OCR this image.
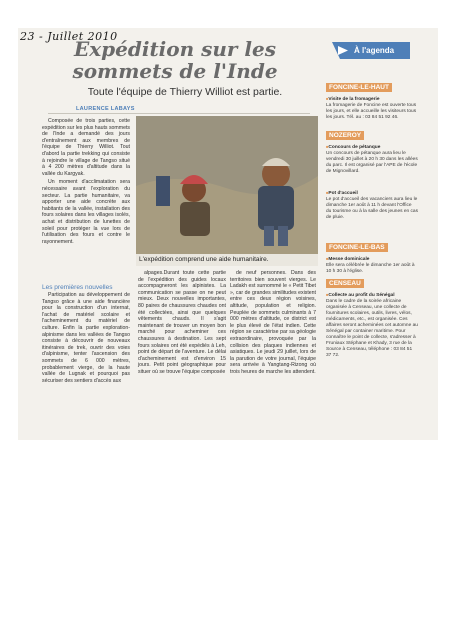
23 - Juillet 2010
Expédition sur les sommets de l'Inde
Toute l'équipe de Thierry Williot est partie.
LAURENCE LABAYS

Composée de trois parties, cette expédition sur les plus hauts sommets de l'Inde a demandé des jours d'entraînement aux membres de l'équipe de Thierry Williot. Tout d'abord la partie trekking qui consiste à rejoindre le village de Tangso situé à 4 200 mètres d'altitude dans la vallée du Kargyak.

Un moment d'acclimatation sera nécessaire avant l'exploration du secteur. La partie humanitaire, va apporter une aide concrète aux habitants de la vallée, installation des fours solaires dans les villages isolés, achat et distribution de lunettes de soleil pour protéger la vue lors de l'utilisation des fours et contre le rayonnement.

L'expédition comprend une aide humanitaire.
Les premières nouvelles

Participation au développement de Tangso grâce à une aide financière pour la construction d'un internat, l'achat de matériel scolaire et l'acheminement du matériel de culture. Enfin la partie exploration-alpinisme dans les vallées de Tangso consiste à découvrir de nouveaux itinéraires de trek, ouvrir des voies d'alpinisme, tenter l'ascension des sommets de 6 000 mètres, probablement vierge, de la haute vallée de Lugnak et pourquoi pas sécuriser des sentiers d'accès aux

alpages.Durant toute cette partie de l'expédition des guides locaux accompagneront les alpinistes. La communication se passe on ne peut mieux. Deux nouvelles importantes, 80 paires de chaussures chaudes ont été collectées, ainsi que quelques vêtements chauds. Il s'agit maintenant de trouver un moyen bon marché pour acheminer ces chaussures à destination. Les sept fours solaires ont été expédiés à Leh, point de départ de l'aventure. Le délai d'acheminement est d'environ 15 jours. Petit point géographique pour situer où se trouve l'équipe composée

de neuf personnes. Dans des territoires bien souvent vierges. Le Ladakh est surnommé le « Petit Tibet », car de grandes similitudes existent entre ces deux région voisines, altitude, population et religion. Peuplée de sommets culminants à 7 000 mètres d'altitude, ce district est le plus élevé de l'état indien. Cette région se caractérise par sa géologie extraordinaire, provoquée par la collision des plaques indiennes et asiatiques. Le jeudi 29 juillet, lors de la parution de votre journal, l'équipe sera arrivée à Yangtang-Rizong où trois heures de marche les attendent.

À l'agenda
FONCINE-LE-HAUT
■ Visite de la fromagerie
La fromagerie de Foncine est ouverte tous les jours, et elle accueille les visiteurs tous les jours. Tél. au : 03 84 51 92 46.
NOZEROY
■ Concours de pétanque
Un concours de pétanque aura lieu le vendredi 30 juillet à 20 h 30 dans les allées du parc. Il est organisé par l'APE de l'école de Mignovillard.
■ Pot d'accueil
Le pot d'accueil des vacanciers aura lieu le dimanche 1er août à 11 h devant l'Office du tourisme ou à la salle des jeunes en cas de pluie.
FONCINE-LE-BAS
■ Messe dominicale
Elle sera célébrée le dimanche 1er août à 10 h 30 à l'église.
CENSEAU
■ Collecte au profit du Sénégal
Dans le cadre de la soirée africaine organisée à Censeau, une collecte de fournitures scolaires, outils, livres, vélos, médicaments, etc., est organisée. Ces affaires seront acheminées cet automne au Sénégal par container maritime. Pour connaître le point de collecte, s'adresser à Fruniaux Stéphane et Khady, 3 rue de la Source à Censeau, téléphone : 03 84 51 37 72.
